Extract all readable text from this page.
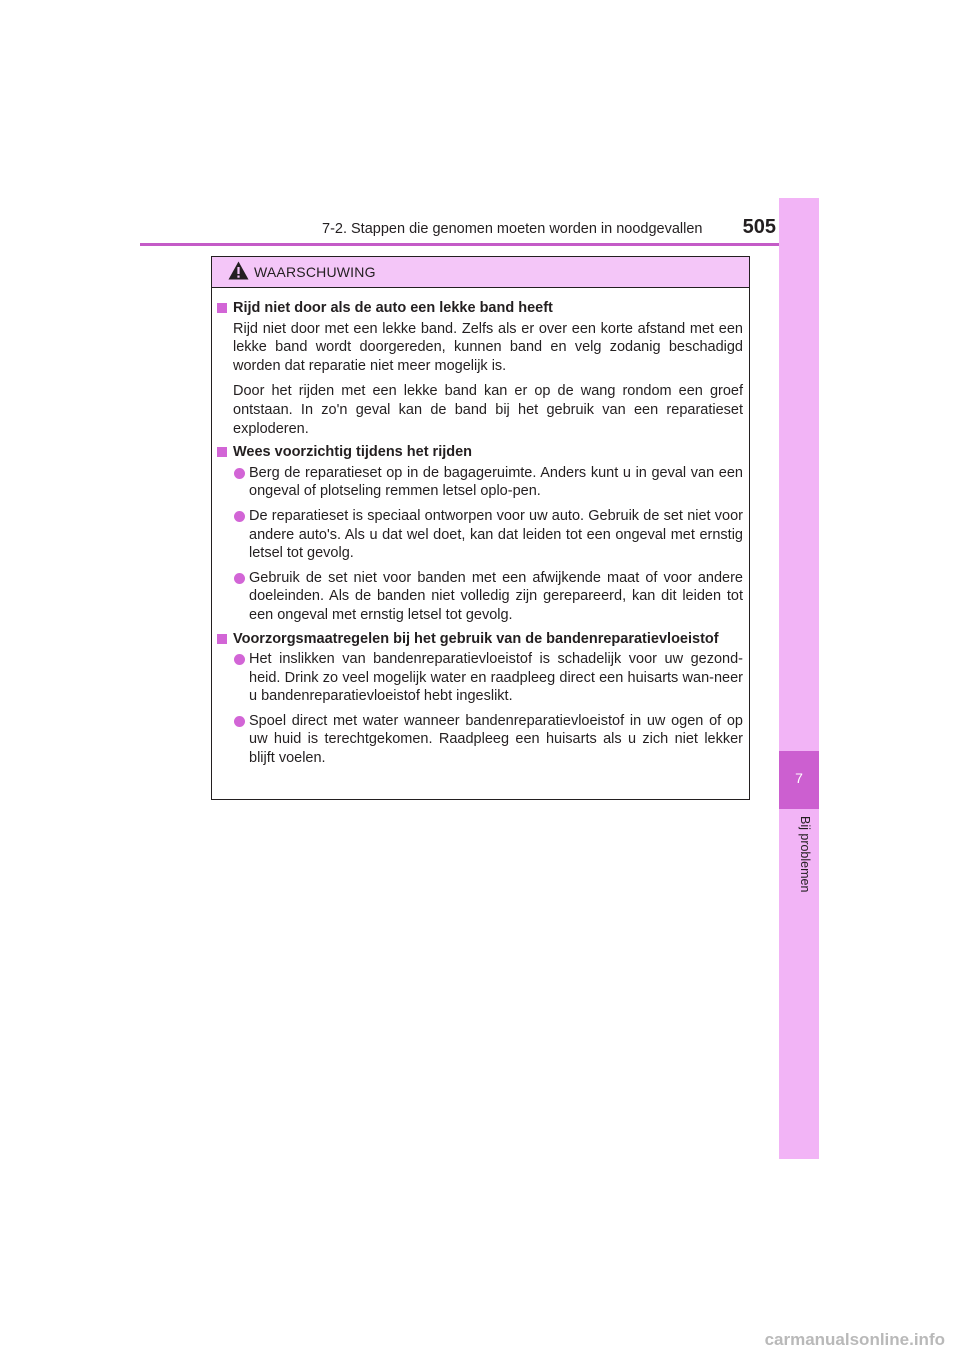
7-2. Stappen die genomen moeten worden in noodgevallen	505
7
Bij problemen
WAARSCHUWING
Rijd niet door als de auto een lekke band heeft
Rijd niet door met een lekke band. Zelfs als er over een korte afstand met een lekke band wordt doorgereden, kunnen band en velg zodanig beschadigd worden dat reparatie niet meer mogelijk is.
Door het rijden met een lekke band kan er op de wang rondom een groef ontstaan. In zo'n geval kan de band bij het gebruik van een reparatieset exploderen.
Wees voorzichtig tijdens het rijden
Berg de reparatieset op in de bagageruimte. Anders kunt u in geval van een ongeval of plotseling remmen letsel oplo-pen.
De reparatieset is speciaal ontworpen voor uw auto. Gebruik de set niet voor andere auto's. Als u dat wel doet, kan dat leiden tot een ongeval met ernstig letsel tot gevolg.
Gebruik de set niet voor banden met een afwijkende maat of voor andere doeleinden. Als de banden niet volledig zijn gerepareerd, kan dit leiden tot een ongeval met ernstig letsel tot gevolg.
Voorzorgsmaatregelen bij het gebruik van de bandenreparatievloeistof
Het inslikken van bandenreparatievloeistof is schadelijk voor uw gezond-heid. Drink zo veel mogelijk water en raadpleeg direct een huisarts wan-neer u bandenreparatievloeistof hebt ingeslikt.
Spoel direct met water wanneer bandenreparatievloeistof in uw ogen of op uw huid is terechtgekomen. Raadpleeg een huisarts als u zich niet lekker blijft voelen.
carmanualsonline.info
